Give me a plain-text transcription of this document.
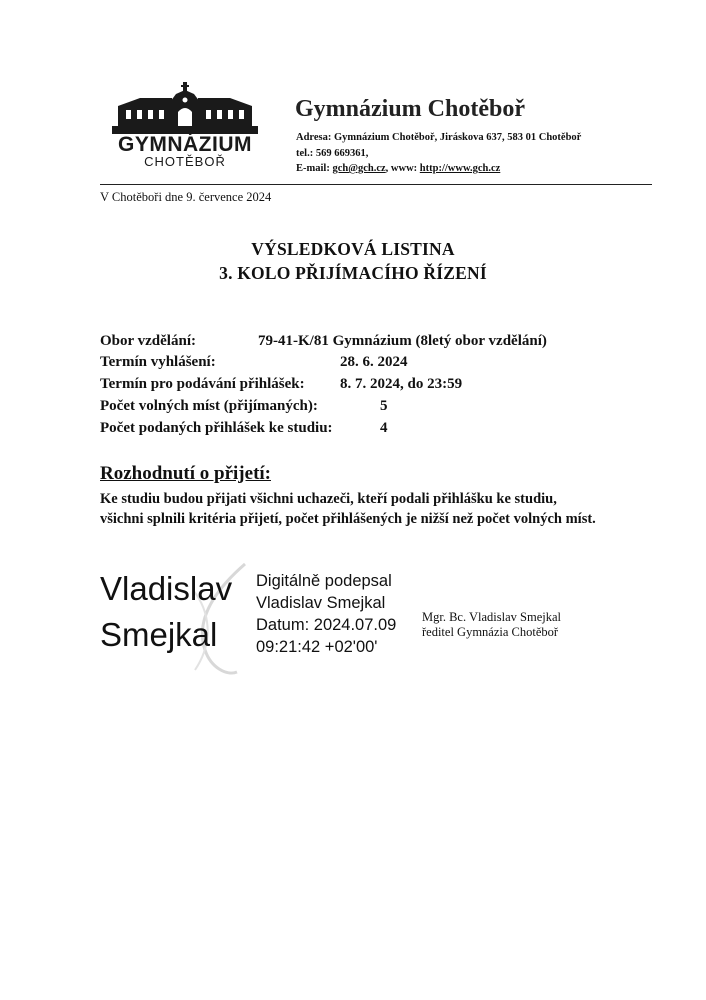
GYMNÁZIUM
CHOTĚBOŘ
Gymnázium Chotěboř
Adresa: Gymnázium Chotěboř, Jiráskova 637, 583 01 Chotěboř
tel.: 569 669361,
E-mail: gch@gch.cz, www: http://www.gch.cz
V Chotěboři dne 9. července 2024
VÝSLEDKOVÁ LISTINA
3. KOLO PŘIJÍMACÍHO ŘÍZENÍ
Obor vzdělání:	79-41-K/81 Gymnázium (8letý obor vzdělání)
Termín vyhlášení:	28. 6. 2024
Termín pro podávání přihlášek: 8. 7. 2024, do 23:59
Počet volných míst (přijímaných):	5
Počet podaných přihlášek ke studiu:	4
Rozhodnutí o přijetí:
Ke studiu budou přijati všichni uchazeči, kteří podali přihlášku ke studiu,
všichni splnili kritéria přijetí, počet přihlášených je nižší než počet volných míst.
Vladislav
Smejkal
Digitálně podepsal
Vladislav Smejkal
Datum: 2024.07.09
09:21:42 +02'00'
Mgr. Bc. Vladislav Smejkal
ředitel Gymnázia Chotěboř
